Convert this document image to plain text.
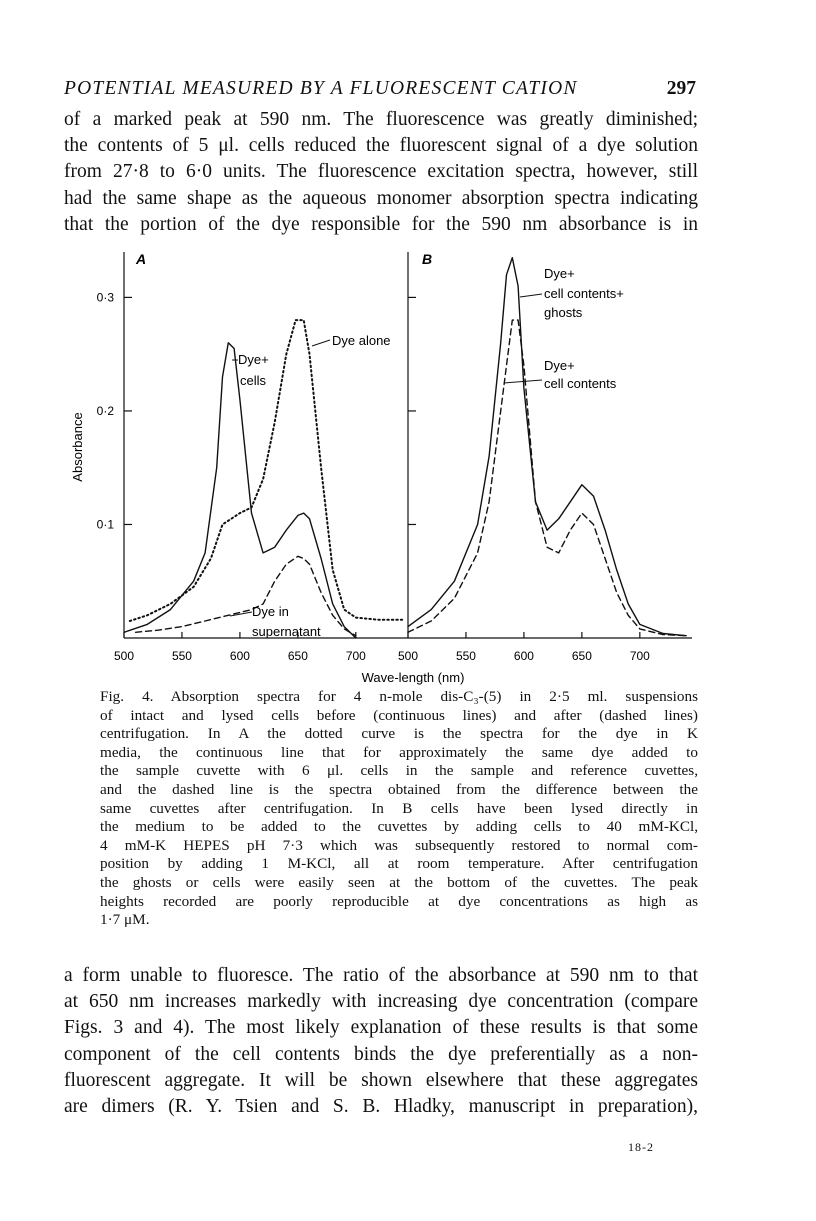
POTENTIAL MEASURED BY A FLUORESCENT CATION	297

of a marked peak at 590 nm. The fluorescence was greatly diminished;
the contents of 5 μl. cells reduced the fluorescent signal of a dye solution
from 27·8 to 6·0 units. The fluorescence excitation spectra, however, still
had the same shape as the aqueous monomer absorption spectra indicating
that the portion of the dye responsible for the 590 nm absorbance is in

0·1
0·2
0·3
500	550	600	650	700	500	550	600	650	700
A	B
Absorbance
Wave-length (nm)
Dye alone
Dye+
cells
Dye in
supernatant
Dye+
cell contents+
ghosts
Dye+
cell contents

Fig. 4. Absorption spectra for 4 n-mole dis-C₃-(5) in 2·5 ml. suspensions
of intact and lysed cells before (continuous lines) and after (dashed lines)
centrifugation. In A the dotted curve is the spectra for the dye in K
media, the continuous line that for approximately the same dye added to
the sample cuvette with 6 μl. cells in the sample and reference cuvettes,
and the dashed line is the spectra obtained from the difference between the
same cuvettes after centrifugation. In B cells have been lysed directly in
the medium to be added to the cuvettes by adding cells to 40 mM-KCl,
4 mM-K HEPES pH 7·3 which was subsequently restored to normal com-
position by adding 1 M-KCl, all at room temperature. After centrifugation
the ghosts or cells were easily seen at the bottom of the cuvettes. The peak
heights recorded are poorly reproducible at dye concentrations as high as
1·7 μM.

a form unable to fluoresce. The ratio of the absorbance at 590 nm to that
at 650 nm increases markedly with increasing dye concentration (compare
Figs. 3 and 4). The most likely explanation of these results is that some
component of the cell contents binds the dye preferentially as a non-
fluorescent aggregate. It will be shown elsewhere that these aggregates
are dimers (R. Y. Tsien and S. B. Hladky, manuscript in preparation),

18-2
